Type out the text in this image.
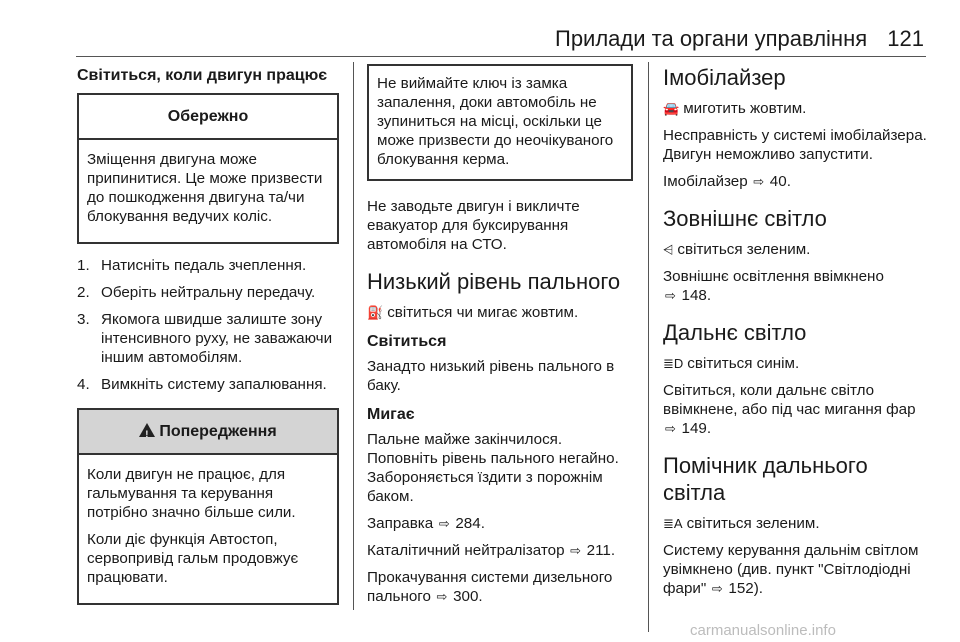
Прилади та органи управління 121
Світиться, коли двигун працює
Обережно

Зміщення двигуна може припинитися. Це може призвести до пошкодження двигуна та/чи блокування ведучих коліс.

1. Натисніть педаль зчеплення.
2. Оберіть нейтральну передачу.
3. Якомога швидше залиште зону інтенсивного руху, не заважаючи іншим автомобілям.
4. Вимкніть систему запалювання.
!Попередження

Коли двигун не працює, для гальмування та керування потрібно значно більше сили.

Коли діє функція Автостоп, сервопривід гальм продовжує працювати.

Не виймайте ключ із замка запалення, доки автомобіль не зупиниться на місці, оскільки це може призвести до неочікуваного блокування керма.

Не заводьте двигун і викличте евакуатор для буксирування автомобіля на СТО.

Низький рівень пального

⛽ світиться чи мигає жовтим.

Світиться

Занадто низький рівень пального в баку.

Мигає

Пальне майже закінчилося. Поповніть рівень пального негайно. Забороняється їздити з порожнім баком.

Заправка ⇨ 284.

Каталітичний нейтралізатор ⇨ 211.

Прокачування системи дизельного пального ⇨ 300.

Імобілайзер

🚘 миготить жовтим.

Несправність у системі імобілайзера. Двигун неможливо запустити.

Імобілайзер ⇨ 40.

Зовнішнє світло

⩤ світиться зеленим.

Зовнішнє освітлення ввімкнено
⇨ 148.

Дальнє світло

≣D світиться синім.

Світиться, коли дальнє світло ввімкнене, або під час мигання фар
⇨ 149.

Помічник дальнього світла

≣A світиться зеленим.

Систему керування дальнім світлом увімкнено (див. пункт "Світлодіодні фари" ⇨ 152).

carmanualsonline.info
